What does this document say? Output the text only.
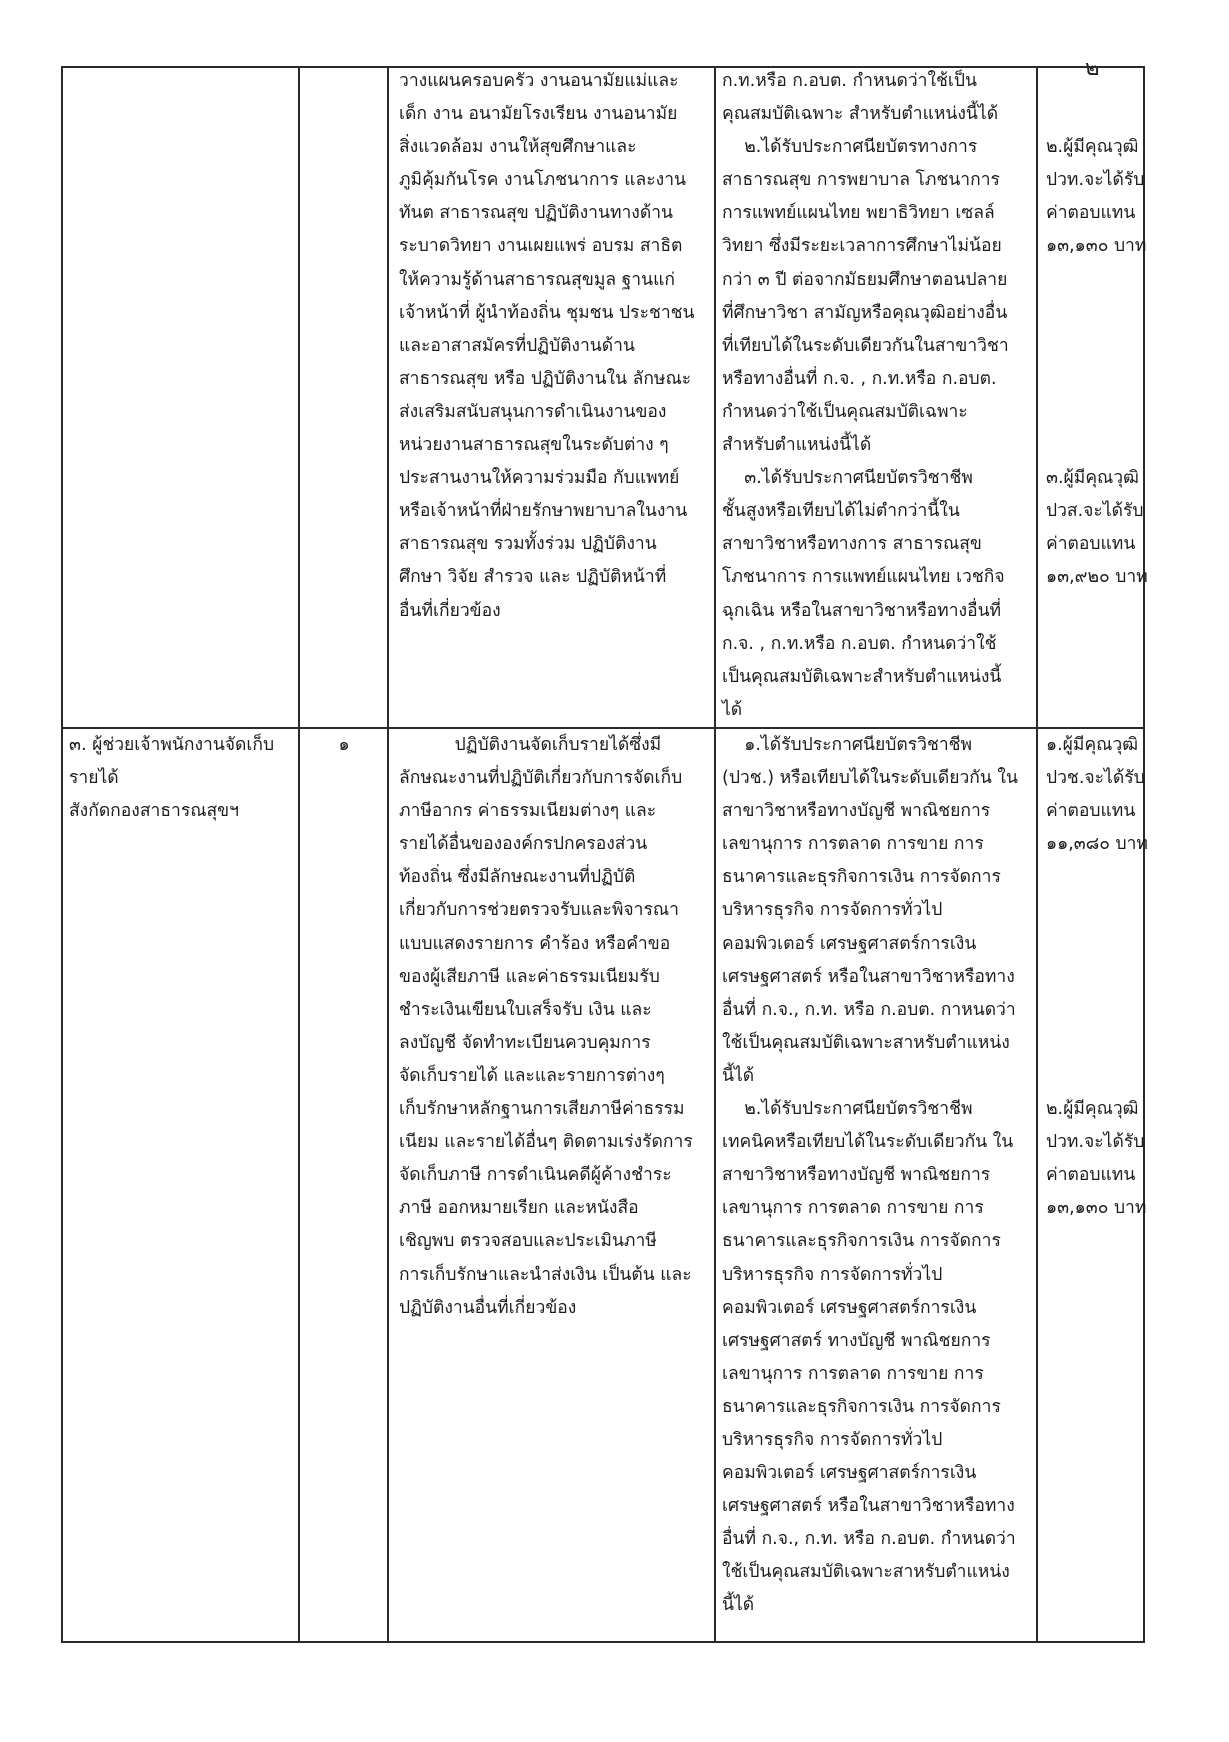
๒
วางแผนครอบครัว งานอนามัยแม่และ
เด็ก งาน อนามัยโรงเรียน งานอนามัย
สิ่งแวดล้อม งานให้สุขศึกษาและ
ภูมิคุ้มกันโรค งานโภชนาการ และงาน
ทันต สาธารณสุข ปฏิบัติงานทางด้าน
ระบาดวิทยา งานเผยแพร่ อบรม สาธิต
ให้ความรู้ด้านสาธารณสุขมูล ฐานแก่
เจ้าหน้าที่ ผู้นำท้องถิ่น ชุมชน ประชาชน
และอาสาสมัครที่ปฏิบัติงานด้าน
สาธารณสุข หรือ ปฏิบัติงานใน ลักษณะ
ส่งเสริมสนับสนุนการดำเนินงานของ
หน่วยงานสาธารณสุขในระดับต่าง ๆ
ประสานงานให้ความร่วมมือ กับแพทย์
หรือเจ้าหน้าที่ฝ่ายรักษาพยาบาลในงาน
สาธารณสุข รวมทั้งร่วม ปฏิบัติงาน
ศึกษา วิจัย สำรวจ และ ปฏิบัติหน้าที่
อื่นที่เกี่ยวข้อง
ก.ท.หรือ ก.อบต. กำหนดว่าใช้เป็น
คุณสมบัติเฉพาะ สำหรับตำแหน่งนี้ได้
๒.ได้รับประกาศนียบัตรทางการ
สาธารณสุข การพยาบาล โภชนาการ
การแพทย์แผนไทย พยาธิวิทยา เซลล์
วิทยา ซึ่งมีระยะเวลาการศึกษาไม่น้อย
กว่า ๓ ปี ต่อจากมัธยมศึกษาตอนปลาย
ที่ศึกษาวิชา สามัญหรือคุณวุฒิอย่างอื่น
ที่เทียบได้ในระดับเดียวกันในสาขาวิชา
หรือทางอื่นที่ ก.จ. , ก.ท.หรือ ก.อบต.
กำหนดว่าใช้เป็นคุณสมบัติเฉพาะ
สำหรับตำแหน่งนี้ได้
๓.ได้รับประกาศนียบัตรวิชาชีพ
ชั้นสูงหรือเทียบได้ไม่ตำกว่านี้ใน
สาขาวิชาหรือทางการ สาธารณสุข
โภชนาการ การแพทย์แผนไทย เวชกิจ
ฉุกเฉิน หรือในสาขาวิชาหรือทางอื่นที่
ก.จ. , ก.ท.หรือ ก.อบต. กำหนดว่าใช้
เป็นคุณสมบัติเฉพาะสำหรับตำแหน่งนี้
ได้
๒.ผู้มีคุณวุฒิ
ปวท.จะได้รับ
ค่าตอบแทน
๑๓,๑๓๐ บาท
๓.ผู้มีคุณวุฒิ
ปวส.จะได้รับ
ค่าตอบแทน
๑๓,๙๒๐ บาท
๓. ผู้ช่วยเจ้าพนักงานจัดเก็บ
รายได้
สังกัดกองสาธารณสุขฯ
๑	ปฏิบัติงานจัดเก็บรายได้ซึ่งมี
ลักษณะงานที่ปฏิบัติเกี่ยวกับการจัดเก็บ
ภาษีอากร ค่าธรรมเนียมต่างๆ และ
รายได้อื่นขององค์กรปกครองส่วน
ท้องถิ่น ซึ่งมีลักษณะงานที่ปฏิบัติ
เกี่ยวกับการช่วยตรวจรับและพิจารณา
แบบแสดงรายการ คำร้อง หรือคำขอ
ของผู้เสียภาษี และค่าธรรมเนียมรับ
ชำระเงินเขียนใบเสร็จรับ เงิน และ
ลงบัญชี จัดทำทะเบียนควบคุมการ
จัดเก็บรายได้ และและรายการต่างๆ
เก็บรักษาหลักฐานการเสียภาษีค่าธรรม
เนียม และรายได้อื่นๆ ติดตามเร่งรัดการ
จัดเก็บภาษี การดำเนินคดีผู้ค้างชำระ
ภาษี ออกหมายเรียก และหนังสือ
เชิญพบ ตรวจสอบและประเมินภาษี
การเก็บรักษาและนำส่งเงิน เป็นต้น และ
ปฏิบัติงานอื่นที่เกี่ยวข้อง
๑.ได้รับประกาศนียบัตรวิชาชีพ
(ปวช.) หรือเทียบได้ในระดับเดียวกัน ใน
สาขาวิชาหรือทางบัญชี พาณิชยการ
เลขานุการ การตลาด การขาย การ
ธนาคารและธุรกิจการเงิน การจัดการ
บริหารธุรกิจ การจัดการทั่วไป
คอมพิวเตอร์ เศรษฐศาสตร์การเงิน
เศรษฐศาสตร์ หรือในสาขาวิชาหรือทาง
อื่นที่ ก.จ., ก.ท. หรือ ก.อบต. กาหนดว่า
ใช้เป็นคุณสมบัติเฉพาะสาหรับตำแหน่ง
นี้ได้
๒.ได้รับประกาศนียบัตรวิชาชีพ
เทคนิคหรือเทียบได้ในระดับเดียวกัน ใน
สาขาวิชาหรือทางบัญชี พาณิชยการ
เลขานุการ การตลาด การขาย การ
ธนาคารและธุรกิจการเงิน การจัดการ
บริหารธุรกิจ การจัดการทั่วไป
คอมพิวเตอร์ เศรษฐศาสตร์การเงิน
เศรษฐศาสตร์ ทางบัญชี พาณิชยการ
เลขานุการ การตลาด การขาย การ
ธนาคารและธุรกิจการเงิน การจัดการ
บริหารธุรกิจ การจัดการทั่วไป
คอมพิวเตอร์ เศรษฐศาสตร์การเงิน
เศรษฐศาสตร์ หรือในสาขาวิชาหรือทาง
อื่นที่ ก.จ., ก.ท. หรือ ก.อบต. กำหนดว่า
ใช้เป็นคุณสมบัติเฉพาะสาหรับตำแหน่ง
นี้ได้
๑.ผู้มีคุณวุฒิ
ปวช.จะได้รับ
ค่าตอบแทน
๑๑,๓๘๐ บาท
๒.ผู้มีคุณวุฒิ
ปวท.จะได้รับ
ค่าตอบแทน
๑๓,๑๓๐ บาท
